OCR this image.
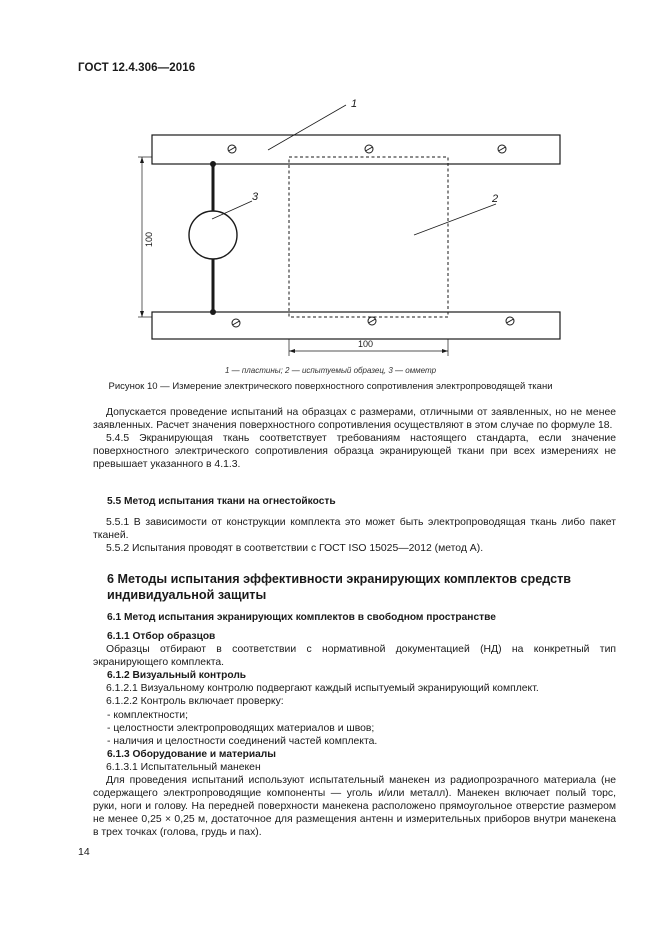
ГОСТ 12.4.306—2016
1
2
3
100
100
1 — пластины; 2 — испытуемый образец, 3 — омметр
Рисунок 10 — Измерение электрического поверхностного сопротивления электропроводящей ткани

Допускается проведение испытаний на образцах с размерами, отличными от заявленных, но не менее заявленных. Расчет значения поверхностного сопротивления осуществляют в этом случае по формуле 18.

5.4.5 Экранирующая ткань соответствует требованиям настоящего стандарта, если значение поверхностного электрического сопротивления образца экранирующей ткани при всех измерениях не превышает указанного в 4.1.3.

5.5 Метод испытания ткани на огнестойкость

5.5.1 В зависимости от конструкции комплекта это может быть электропроводящая ткань либо пакет тканей.

5.5.2 Испытания проводят в соответствии с ГОСТ ISO 15025—2012 (метод А).

6 Методы испытания эффективности экранирующих комплектов средств индивидуальной защиты

6.1 Метод испытания экранирующих комплектов в свободном пространстве

6.1.1 Отбор образцов

Образцы отбирают в соответствии с нормативной документацией (НД) на конкретный тип экранирующего комплекта.

6.1.2 Визуальный контроль

6.1.2.1 Визуальному контролю подвергают каждый испытуемый экранирующий комплект.

6.1.2.2 Контроль включает проверку:

- комплектности;

- целостности электропроводящих материалов и швов;

- наличия и целостности соединений частей комплекта.

6.1.3 Оборудование и материалы

6.1.3.1 Испытательный манекен

Для проведения испытаний используют испытательный манекен из радиопрозрачного материала (не содержащего электропроводящие компоненты — уголь и/или металл). Манекен включает полый торс, руки, ноги и голову. На передней поверхности манекена расположено прямоугольное отверстие размером не менее 0,25 × 0,25 м, достаточное для размещения антенн и измерительных приборов внутри манекена в трех точках (голова, грудь и пах).

14
